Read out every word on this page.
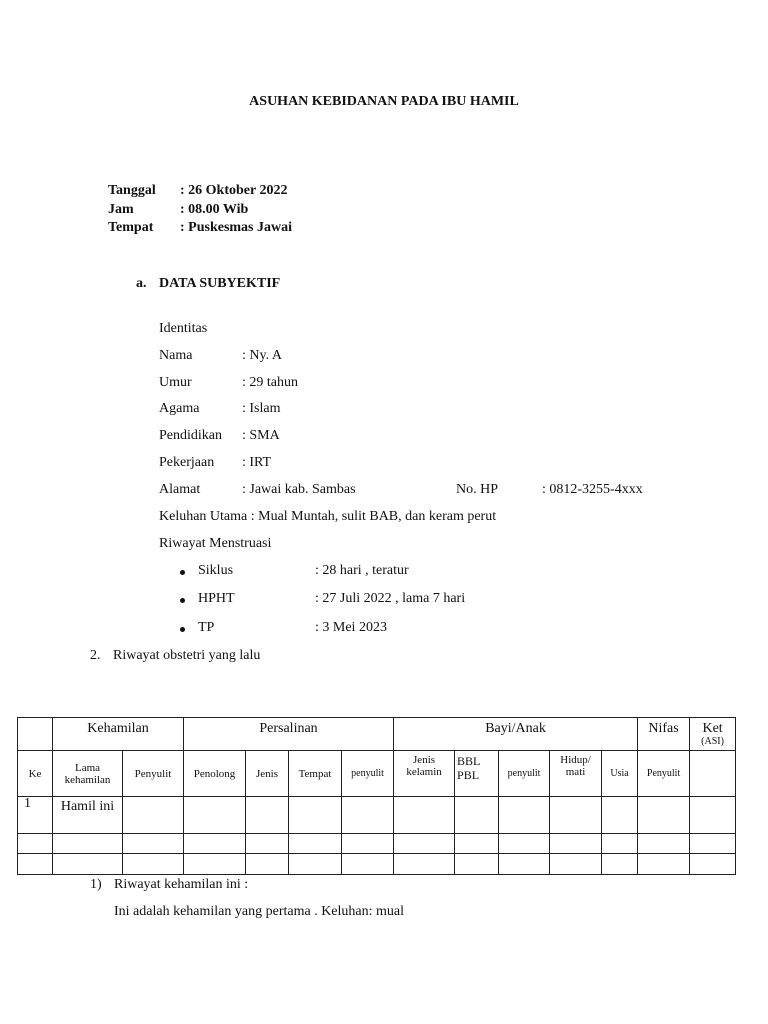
ASUHAN KEBIDANAN PADA IBU HAMIL
Tanggal : 26 Oktober 2022
Jam	: 08.00 Wib
Tempat : Puskesmas Jawai
a. DATA SUBYEKTIF
Identitas
Nama	: Ny. A
Umur	: 29 tahun
Agama	: Islam
Pendidikan : SMA
Pekerjaan : IRT
Alamat	: Jawai kab. Sambas	No. HP	: 0812-3255-4xxx
Keluhan Utama : Mual Muntah, sulit BAB, dan keram perut
Riwayat Menstruasi
Siklus	: 28 hari , teratur
HPHT	: 27 Juli 2022 , lama 7 hari
TP	: 3 Mei 2023
2. Riwayat obstetri yang lalu
	Kehamilan		Persalinan				Bayi/Anak					Nifas	Ket
(ASI)

Ke	Lama kehamilan	Penyulit	Penolong	Jenis	Tempat	penyulit	Jenis kelamin	BBL PBL	penyulit	Hidup/ mati	Usia	Penyulit	
1	Hamil ini												

1) Riwayat kehamilan ini :
Ini adalah kehamilan yang pertama . Keluhan: mual
